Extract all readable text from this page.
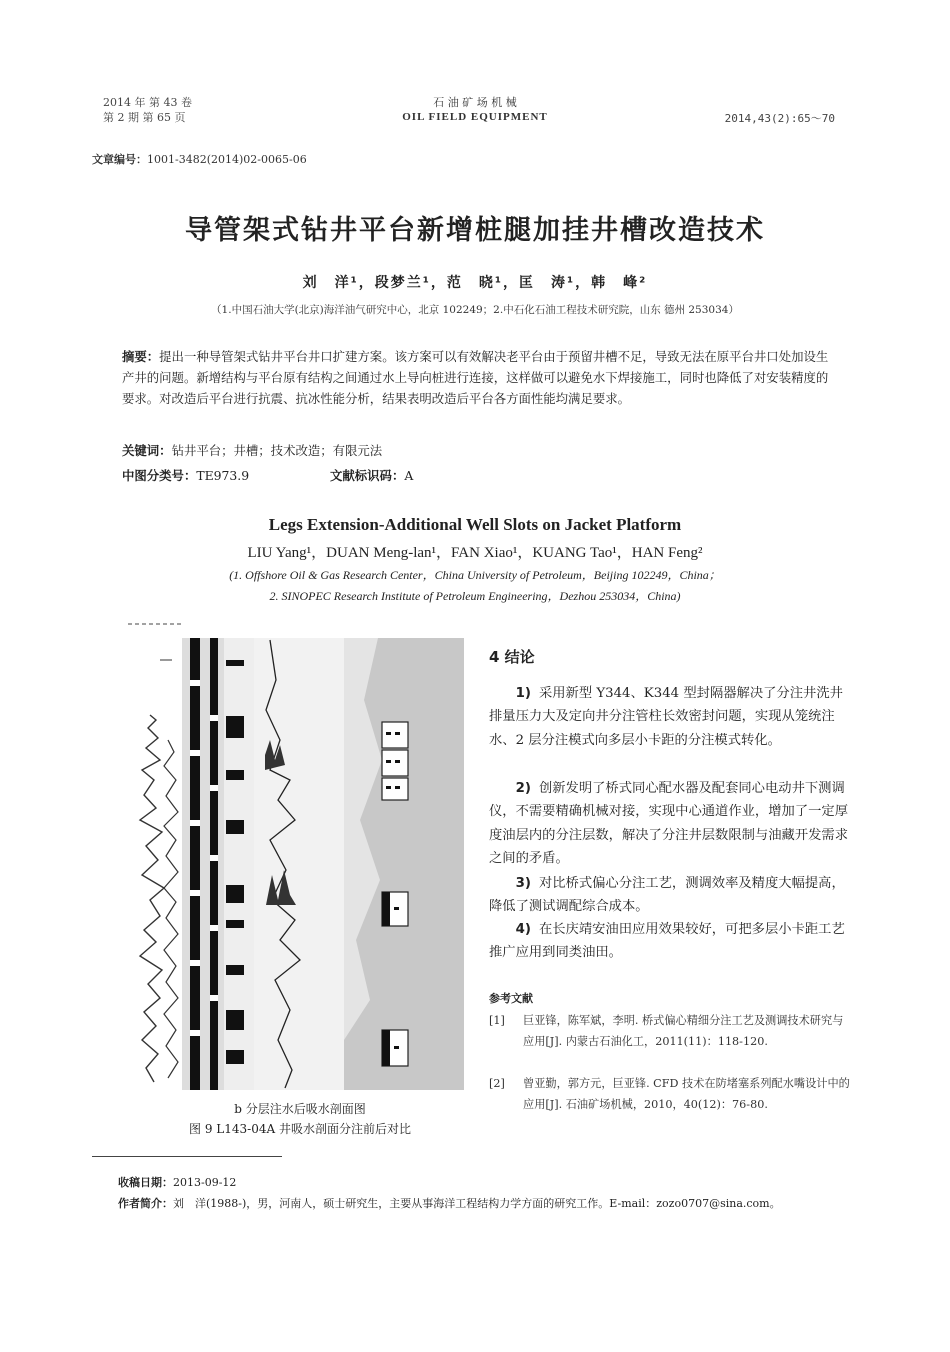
2014 年 第 43 卷
第 2 期 第 65 页
石 油 矿 场 机 械
OIL FIELD EQUIPMENT	2014,43(2):65～70
文章编号：1001-3482(2014)02-0065-06
导管架式钻井平台新增桩腿加挂井槽改造技术
刘　洋¹，段梦兰¹，范　晓¹，匡　涛¹，韩　峰²
（1.中国石油大学(北京)海洋油气研究中心，北京 102249；2.中石化石油工程技术研究院，山东 德州 253034）
摘要：提出一种导管架式钻井平台井口扩建方案。该方案可以有效解决老平台由于预留井槽不足，导致无法在原平台井口处加设生产井的问题。新增结构与平台原有结构之间通过水上导向桩进行连接，这样做可以避免水下焊接施工，同时也降低了对安装精度的要求。对改造后平台进行抗震、抗冰性能分析，结果表明改造后平台各方面性能均满足要求。
关键词：钻井平台；井槽；技术改造；有限元法
中图分类号：TE973.9	文献标识码：A
Legs Extension-Additional Well Slots on Jacket Platform
LIU Yang¹，DUAN Meng-lan¹，FAN Xiao¹，KUANG Tao¹，HAN Feng²
(1. Offshore Oil & Gas Research Center，China University of Petroleum，Beijing 102249，China；
2. SINOPEC Research Institute of Petroleum Engineering，Dezhou 253034，China)
b 分层注水后吸水剖面图
图 9 L143-04A 井吸水剖面分注前后对比
4 结论

1) 采用新型 Y344、K344 型封隔器解决了分注井洗井排量压力大及定向井分注管柱长效密封问题，实现从笼统注水、2 层分注模式向多层小卡距的分注模式转化。

2) 创新发明了桥式同心配水器及配套同心电动井下测调仪，不需要精确机械对接，实现中心通道作业，增加了一定厚度油层内的分注层数，解决了分注井层数限制与油藏开发需求之间的矛盾。

3) 对比桥式偏心分注工艺，测调效率及精度大幅提高，降低了测试调配综合成本。

4) 在长庆靖安油田应用效果较好，可把多层小卡距工艺推广应用到同类油田。

参考文献
[1] 巨亚锋，陈军斌，李明. 桥式偏心精细分注工艺及测调技术研究与应用[J]. 内蒙古石油化工，2011(11)：118-120.
[2] 曾亚勤，郭方元，巨亚锋. CFD 技术在防堵塞系列配水嘴设计中的应用[J]. 石油矿场机械，2010，40(12)：76-80.
收稿日期：2013-09-12
作者简介：刘　洋(1988-)，男，河南人，硕士研究生，主要从事海洋工程结构力学方面的研究工作。E-mail：zozo0707@sina.com。
